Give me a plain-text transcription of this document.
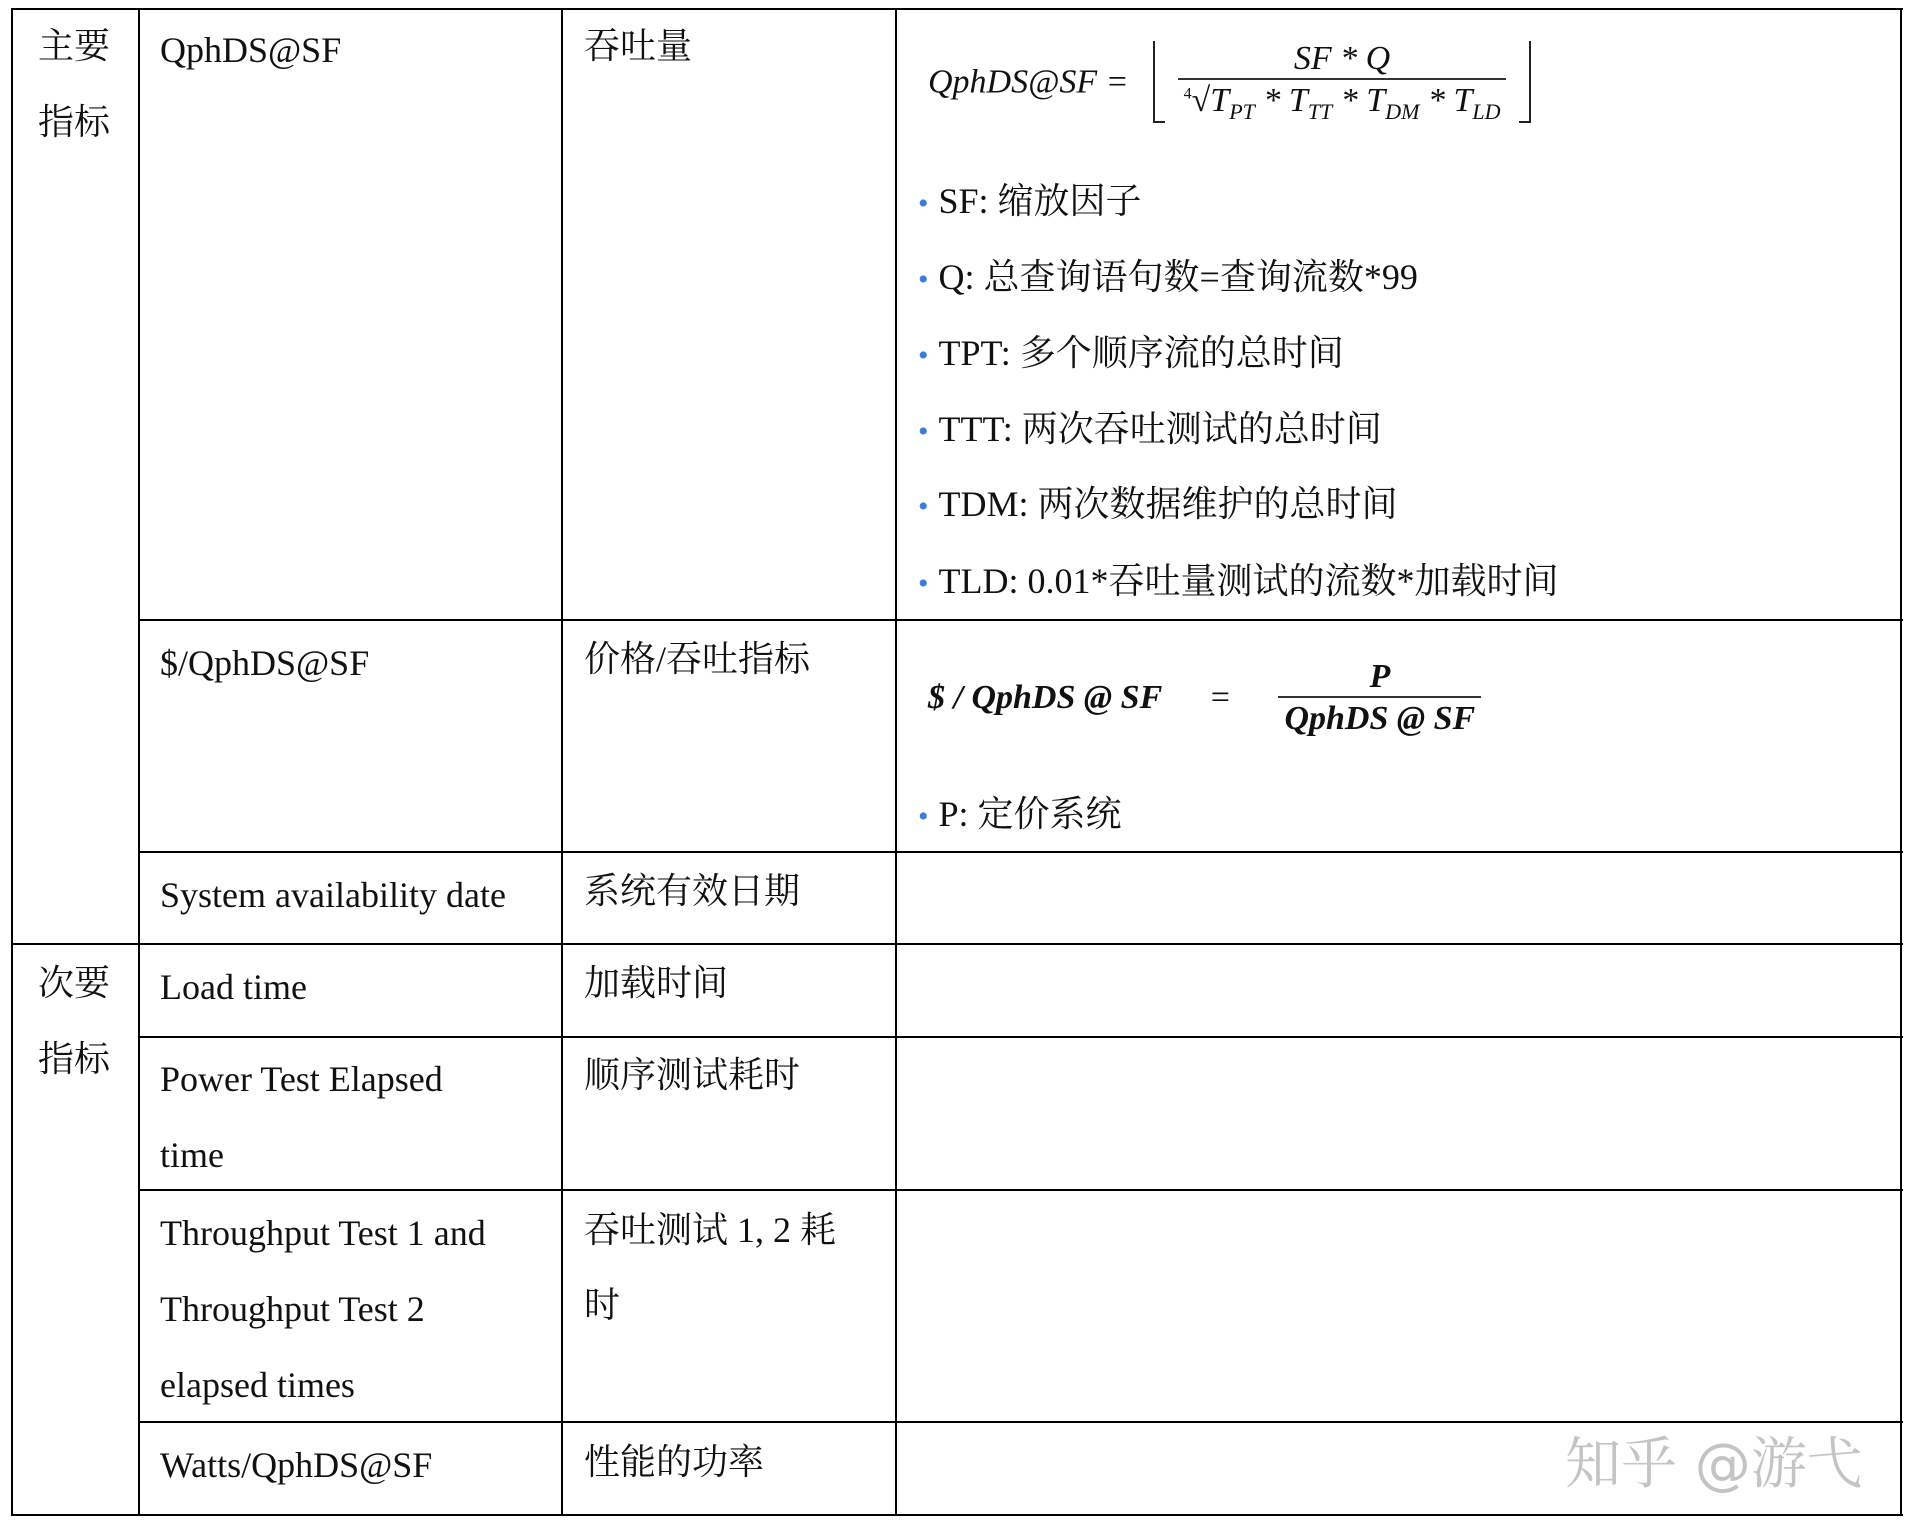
主要
指标
次要
指标
QphDS@SF
$/QphDS@SF
System availability date
Load time
Power Test Elapsed
time
Throughput Test 1 and
Throughput Test 2
elapsed times
Watts/QphDS@SF
吞吐量
价格/吞吐指标
系统有效日期
加载时间
顺序测试耗时
吞吐测试 1, 2 耗
时
性能的功率
QphDS@SF = $\frac{SF * Q}{^4√T_{PT} * T_{TT} * T_{DM} * T_{LD}}$

• SF: 缩放因子
• Q: 总查询语句数=查询流数*99
• TPT: 多个顺序流的总时间
• TTT: 两次吞吐测试的总时间
• TDM: 两次数据维护的总时间
• TLD: 0.01*吞吐量测试的流数*加载时间
$ / QphDS @ SF = $\frac{P}{\text{QphDS @ SF}}$
• P: 定价系统
知乎 @游弋
